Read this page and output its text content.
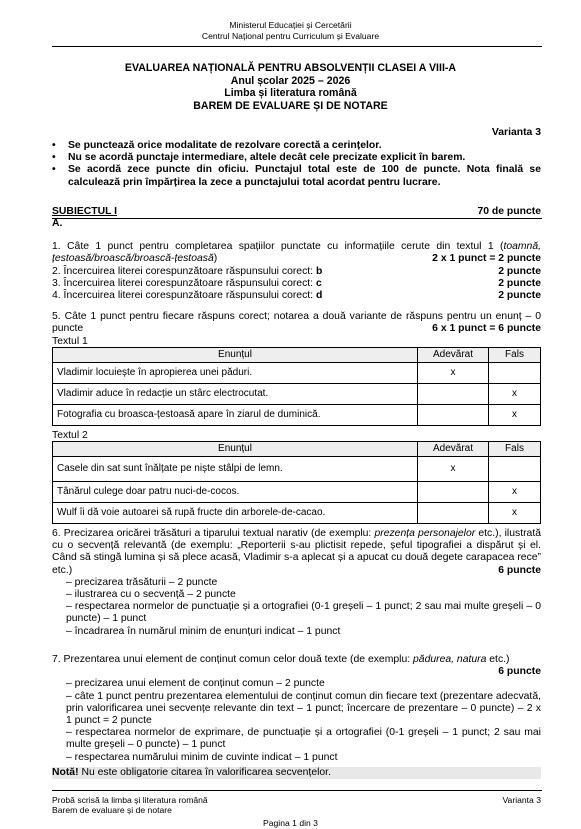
Ministerul Educației și Cercetării
Centrul Național pentru Curriculum și Evaluare
EVALUAREA NAȚIONALĂ PENTRU ABSOLVENȚII CLASEI A VIII-A
Anul școlar 2025 – 2026
Limba și literatura română
BAREM DE EVALUARE ȘI DE NOTARE
Varianta 3
•	Se punctează orice modalitate de rezolvare corectă a cerințelor.
•	Nu se acordă punctaje intermediare, altele decât cele precizate explicit în barem.
•	Se acordă zece puncte din oficiu. Punctajul total este de 100 de puncte. Nota finală se calculează prin împărțirea la zece a punctajului total acordat pentru lucrare.
SUBIECTUL I	70 de puncte
A.
1. Câte 1 punct pentru completarea spațiilor punctate cu informațiile cerute din textul 1 (toamnă, țestoasă/broască/broască-țestoasă)	2 x 1 punct = 2 puncte
2. Încercuirea literei corespunzătoare răspunsului corect: b	2 puncte
3. Încercuirea literei corespunzătoare răspunsului corect: c	2 puncte
4. Încercuirea literei corespunzătoare răspunsului corect: d	2 puncte
5. Câte 1 punct pentru fiecare răspuns corect; notarea a două variante de răspuns pentru un enunț – 0 puncte	6 x 1 punct = 6 puncte
Textul 1
Enunțul	Adevărat	Fals
Vladimir locuiește în apropierea unei păduri.	x	
Vladimir aduce în redacție un stârc electrocutat.		x
Fotografia cu broasca-țestoasă apare în ziarul de duminică.		x
Textul 2
Enunțul	Adevărat	Fals
Casele din sat sunt înălțate pe niște stâlpi de lemn.	x	
Tânărul culege doar patru nuci-de-cocos.		x
Wulf îi dă voie autoarei să rupă fructe din arborele-de-cacao.		x
6. Precizarea oricărei trăsături a tiparului textual narativ (de exemplu: prezența personajelor etc.), ilustrată cu o secvență relevantă (de exemplu: „Reporterii s-au plictisit repede, șeful tipografiei a dispărut și el. Când să stingă lumina și să plece acasă, Vladimir s-a aplecat și a apucat cu două degete carapacea rece” etc.)	6 puncte
– precizarea trăsăturii – 2 puncte
– ilustrarea cu o secvență – 2 puncte
– respectarea normelor de punctuație și a ortografiei (0-1 greșeli – 1 punct; 2 sau mai multe greșeli – 0 puncte) – 1 punct
– încadrarea în numărul minim de enunțuri indicat – 1 punct
7. Prezentarea unui element de conținut comun celor două texte (de exemplu: pădurea, natura etc.)
6 puncte
– precizarea unui element de conținut comun – 2 puncte
– câte 1 punct pentru prezentarea elementului de conținut comun din fiecare text (prezentare adecvată, prin valorificarea unei secvențe relevante din text – 1 punct; încercare de prezentare – 0 puncte) – 2 x 1 punct = 2 puncte
– respectarea normelor de exprimare, de punctuație și a ortografiei (0-1 greșeli – 1 punct; 2 sau mai multe greșeli – 0 puncte) – 1 punct
– respectarea numărului minim de cuvinte indicat – 1 punct
Notă! Nu este obligatorie citarea în valorificarea secvențelor.
Probă scrisă la limba și literatura română
Barem de evaluare și de notare
Varianta 3
Pagina 1 din 3
